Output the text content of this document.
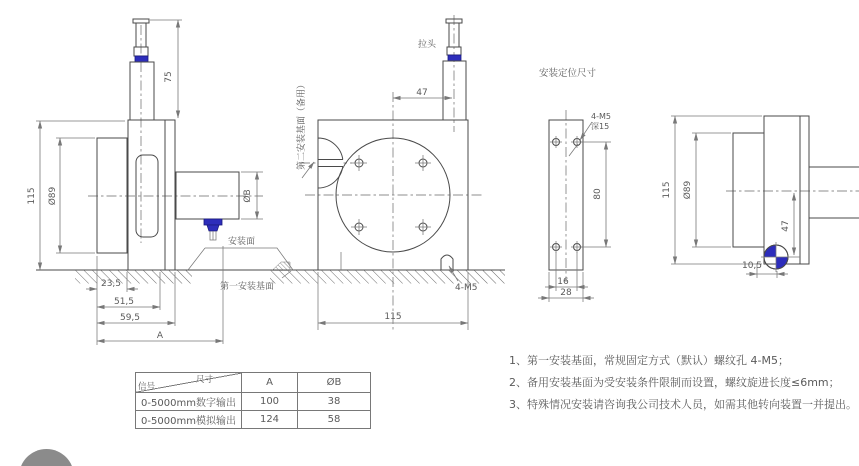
75
115 Ø89	ØB
安装面
第一安装基面
23,5
51,5
59,5
A
第二安装基面（备用）
拉头
47
4-M5
115
安装定位尺寸
4-M5
深15
80
16
28
115 Ø89
47
10,5
信号
尺寸	A	ØB
0-5000mm数字输出	100	38
0-5000mm模拟输出	124	58
1、第一安装基面，常规固定方式（默认）螺纹孔 4-M5；
2、备用安装基面为受安装条件限制而设置，螺纹旋进长度≤6mm；
3、特殊情况安装请咨询我公司技术人员，如需其他转向装置一并提出。
